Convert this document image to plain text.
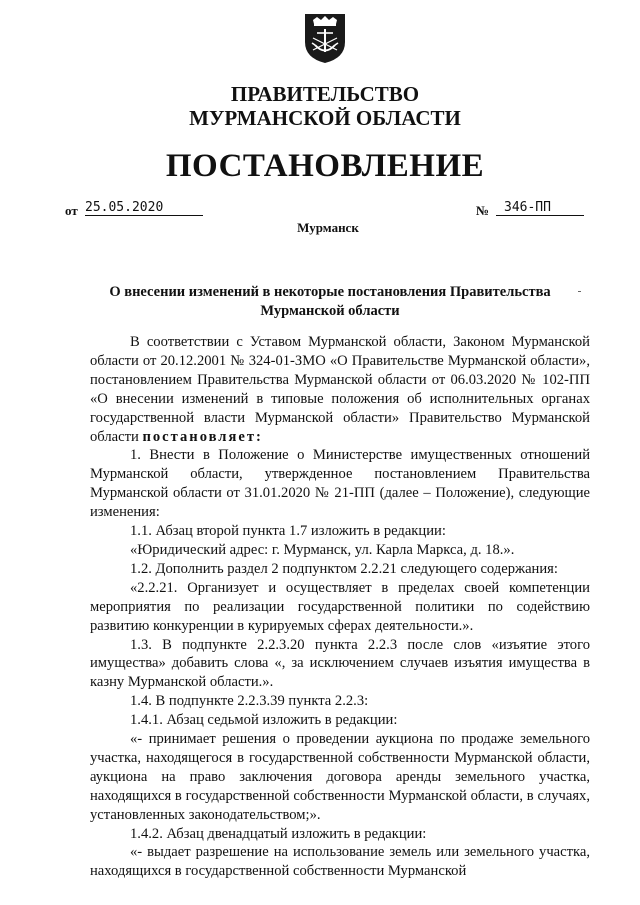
ПРАВИТЕЛЬСТВО
МУРМАНСКОЙ ОБЛАСТИ
ПОСТАНОВЛЕНИЕ
от 25.05.2020	№ 346-ПП
Мурманск
О внесении изменений в некоторые постановления Правительства
Мурманской области

В соответствии с Уставом Мурманской области, Законом Мурманской области от 20.12.2001 № 324-01-ЗМО «О Правительстве Мурманской области», постановлением Правительства Мурманской области от 06.03.2020 № 102-ПП «О внесении изменений в типовые положения об исполнительных органах государственной власти Мурманской области» Правительство Мурманской области постановляет:

1. Внести в Положение о Министерстве имущественных отношений Мурманской области, утвержденное постановлением Правительства Мурманской области от 31.01.2020 № 21-ПП (далее – Положение), следующие изменения:

1.1. Абзац второй пункта 1.7 изложить в редакции:

«Юридический адрес: г. Мурманск, ул. Карла Маркса, д. 18.».

1.2. Дополнить раздел 2 подпунктом 2.2.21 следующего содержания:

«2.2.21. Организует и осуществляет в пределах своей компетенции мероприятия по реализации государственной политики по содействию развитию конкуренции в курируемых сферах деятельности.».

1.3. В подпункте 2.2.3.20 пункта 2.2.3 после слов «изъятие этого имущества» добавить слова «, за исключением случаев изъятия имущества в казну Мурманской области.».

1.4. В подпункте 2.2.3.39 пункта 2.2.3:

1.4.1. Абзац седьмой изложить в редакции:

«- принимает решения о проведении аукциона по продаже земельного участка, находящегося в государственной собственности Мурманской области, аукциона на право заключения договора аренды земельного участка, находящихся в государственной собственности Мурманской области, в случаях, установленных законодательством;».

1.4.2. Абзац двенадцатый изложить в редакции:

«- выдает разрешение на использование земель или земельного участка, находящихся в государственной собственности Мурманской
